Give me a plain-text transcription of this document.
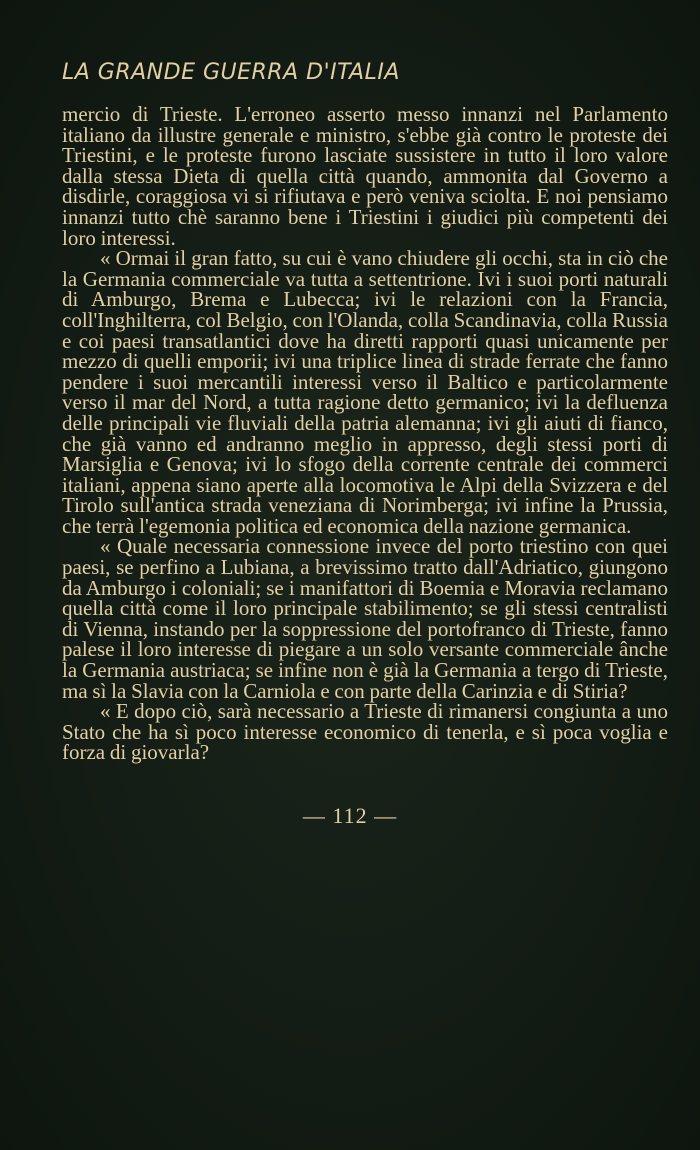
LA GRANDE GUERRA D'ITALIA

mercio di Trieste. L'erroneo asserto messo innanzi nel Parlamento italiano da illustre generale e ministro, s'ebbe già contro le proteste dei Triestini, e le proteste furono lasciate sussistere in tutto il loro valore dalla stessa Dieta di quella città quando, ammonita dal Governo a disdirle, coraggiosa vi si rifiutava e però veniva sciolta. E noi pensiamo innanzi tutto chè saranno bene i Triestini i giudici più competenti dei loro interessi.

« Ormai il gran fatto, su cui è vano chiudere gli occhi, sta in ciò che la Germania commerciale va tutta a settentrione. Ivi i suoi porti naturali di Amburgo, Brema e Lubecca; ivi le relazioni con la Francia, coll'Inghilterra, col Belgio, con l'Olanda, colla Scandinavia, colla Russia e coi paesi transatlantici dove ha diretti rapporti quasi unicamente per mezzo di quelli emporii; ivi una triplice linea di strade ferrate che fanno pendere i suoi mercantili interessi verso il Baltico e particolarmente verso il mar del Nord, a tutta ragione detto germanico; ivi la defluenza delle principali vie fluviali della patria alemanna; ivi gli aiuti di fianco, che già vanno ed andranno meglio in appresso, degli stessi porti di Marsiglia e Genova; ivi lo sfogo della corrente centrale dei commerci italiani, appena siano aperte alla locomotiva le Alpi della Svizzera e del Tirolo sull'antica strada veneziana di Norimberga; ivi infine la Prussia, che terrà l'egemonia politica ed economica della nazione germanica.

« Quale necessaria connessione invece del porto triestino con quei paesi, se perfino a Lubiana, a brevissimo tratto dall'Adriatico, giungono da Amburgo i coloniali; se i manifattori di Boemia e Moravia reclamano quella città come il loro principale stabilimento; se gli stessi centralisti di Vienna, instando per la soppressione del portofranco di Trieste, fanno palese il loro interesse di piegare a un solo versante commerciale ânche la Germania austriaca; se infine non è già la Germania a tergo di Trieste, ma sì la Slavia con la Carniola e con parte della Carinzia e di Stiria?

« E dopo ciò, sarà necessario a Trieste di rimanersi congiunta a uno Stato che ha sì poco interesse economico di tenerla, e sì poca voglia e forza di giovarla?

— 112 —
